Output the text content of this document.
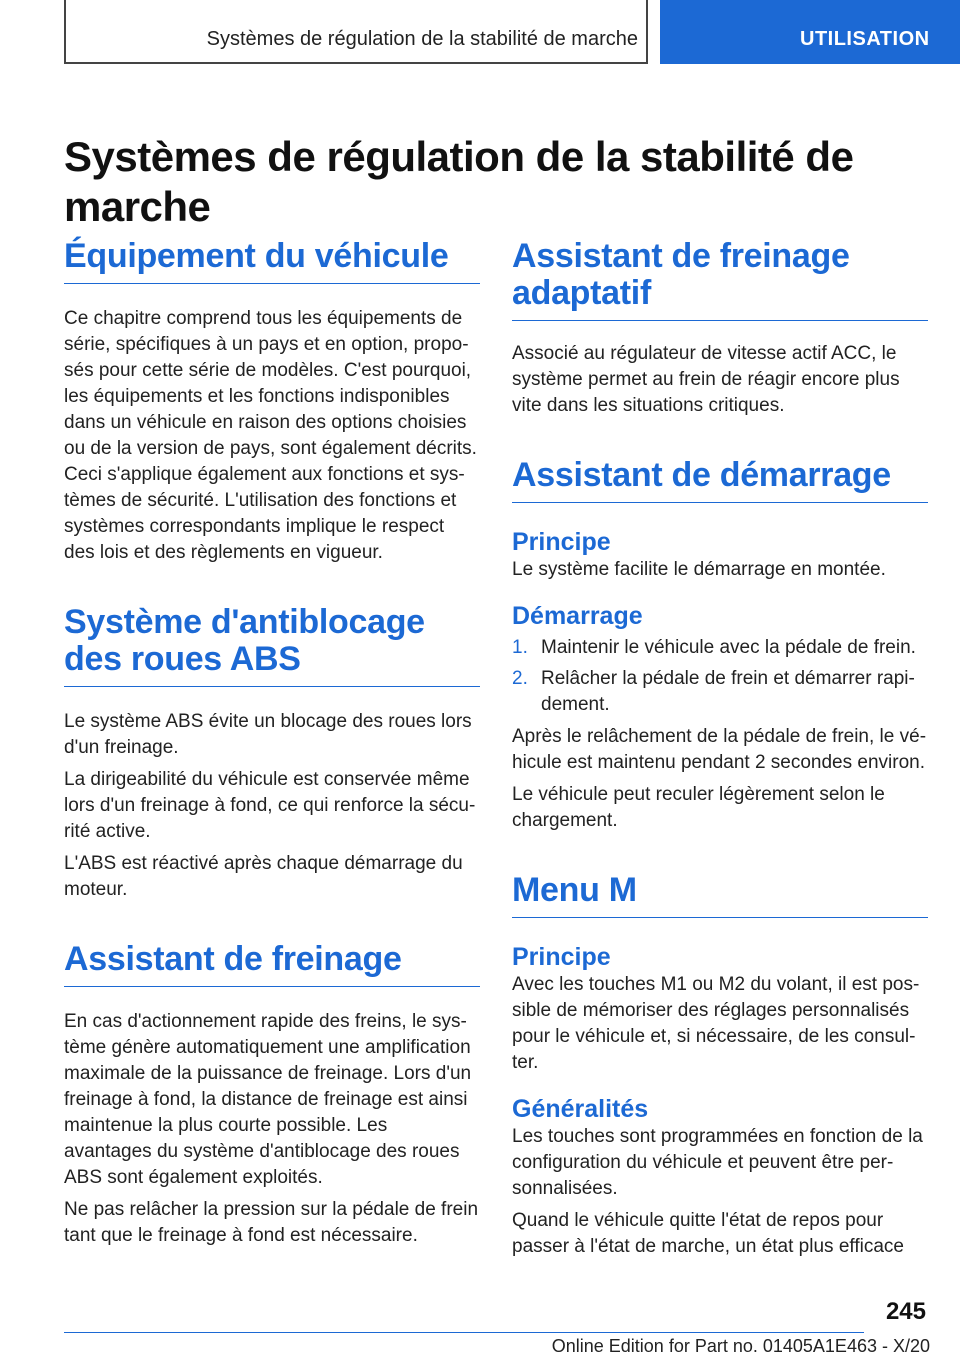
Systèmes de régulation de la stabilité de marche	UTILISATION
Systèmes de régulation de la stabilité de marche
Équipement du véhicule

Ce chapitre comprend tous les équipements de série, spécifiques à un pays et en option, proposés pour cette série de modèles. C'est pourquoi, les équipements et les fonctions indisponibles dans un véhicule en raison des options choisies ou de la version de pays, sont également décrits. Ceci s'applique également aux fonctions et systèmes de sécurité. L'utilisation des fonctions et systèmes correspondants implique le respect des lois et des règlements en vigueur.

Système d'antiblocage des roues ABS

Le système ABS évite un blocage des roues lors d'un freinage.

La dirigeabilité du véhicule est conservée même lors d'un freinage à fond, ce qui renforce la sécurité active.

L'ABS est réactivé après chaque démarrage du moteur.

Assistant de freinage

En cas d'actionnement rapide des freins, le système génère automatiquement une amplification maximale de la puissance de freinage. Lors d'un freinage à fond, la distance de freinage est ainsi maintenue la plus courte possible. Les avantages du système d'antiblocage des roues ABS sont également exploités.

Ne pas relâcher la pression sur la pédale de frein tant que le freinage à fond est nécessaire.

Assistant de freinage adaptatif

Associé au régulateur de vitesse actif ACC, le système permet au frein de réagir encore plus vite dans les situations critiques.

Assistant de démarrage
Principe

Le système facilite le démarrage en montée.

Démarrage
1. Maintenir le véhicule avec la pédale de frein.
2. Relâcher la pédale de frein et démarrer rapidement.

Après le relâchement de la pédale de frein, le véhicule est maintenu pendant 2 secondes environ.

Le véhicule peut reculer légèrement selon le chargement.

Menu M
Principe

Avec les touches M1 ou M2 du volant, il est possible de mémoriser des réglages personnalisés pour le véhicule et, si nécessaire, de les consulter.

Généralités

Les touches sont programmées en fonction de la configuration du véhicule et peuvent être personnalisées.

Quand le véhicule quitte l'état de repos pour passer à l'état de marche, un état plus efficace

245
Online Edition for Part no. 01405A1E463 - X/20
